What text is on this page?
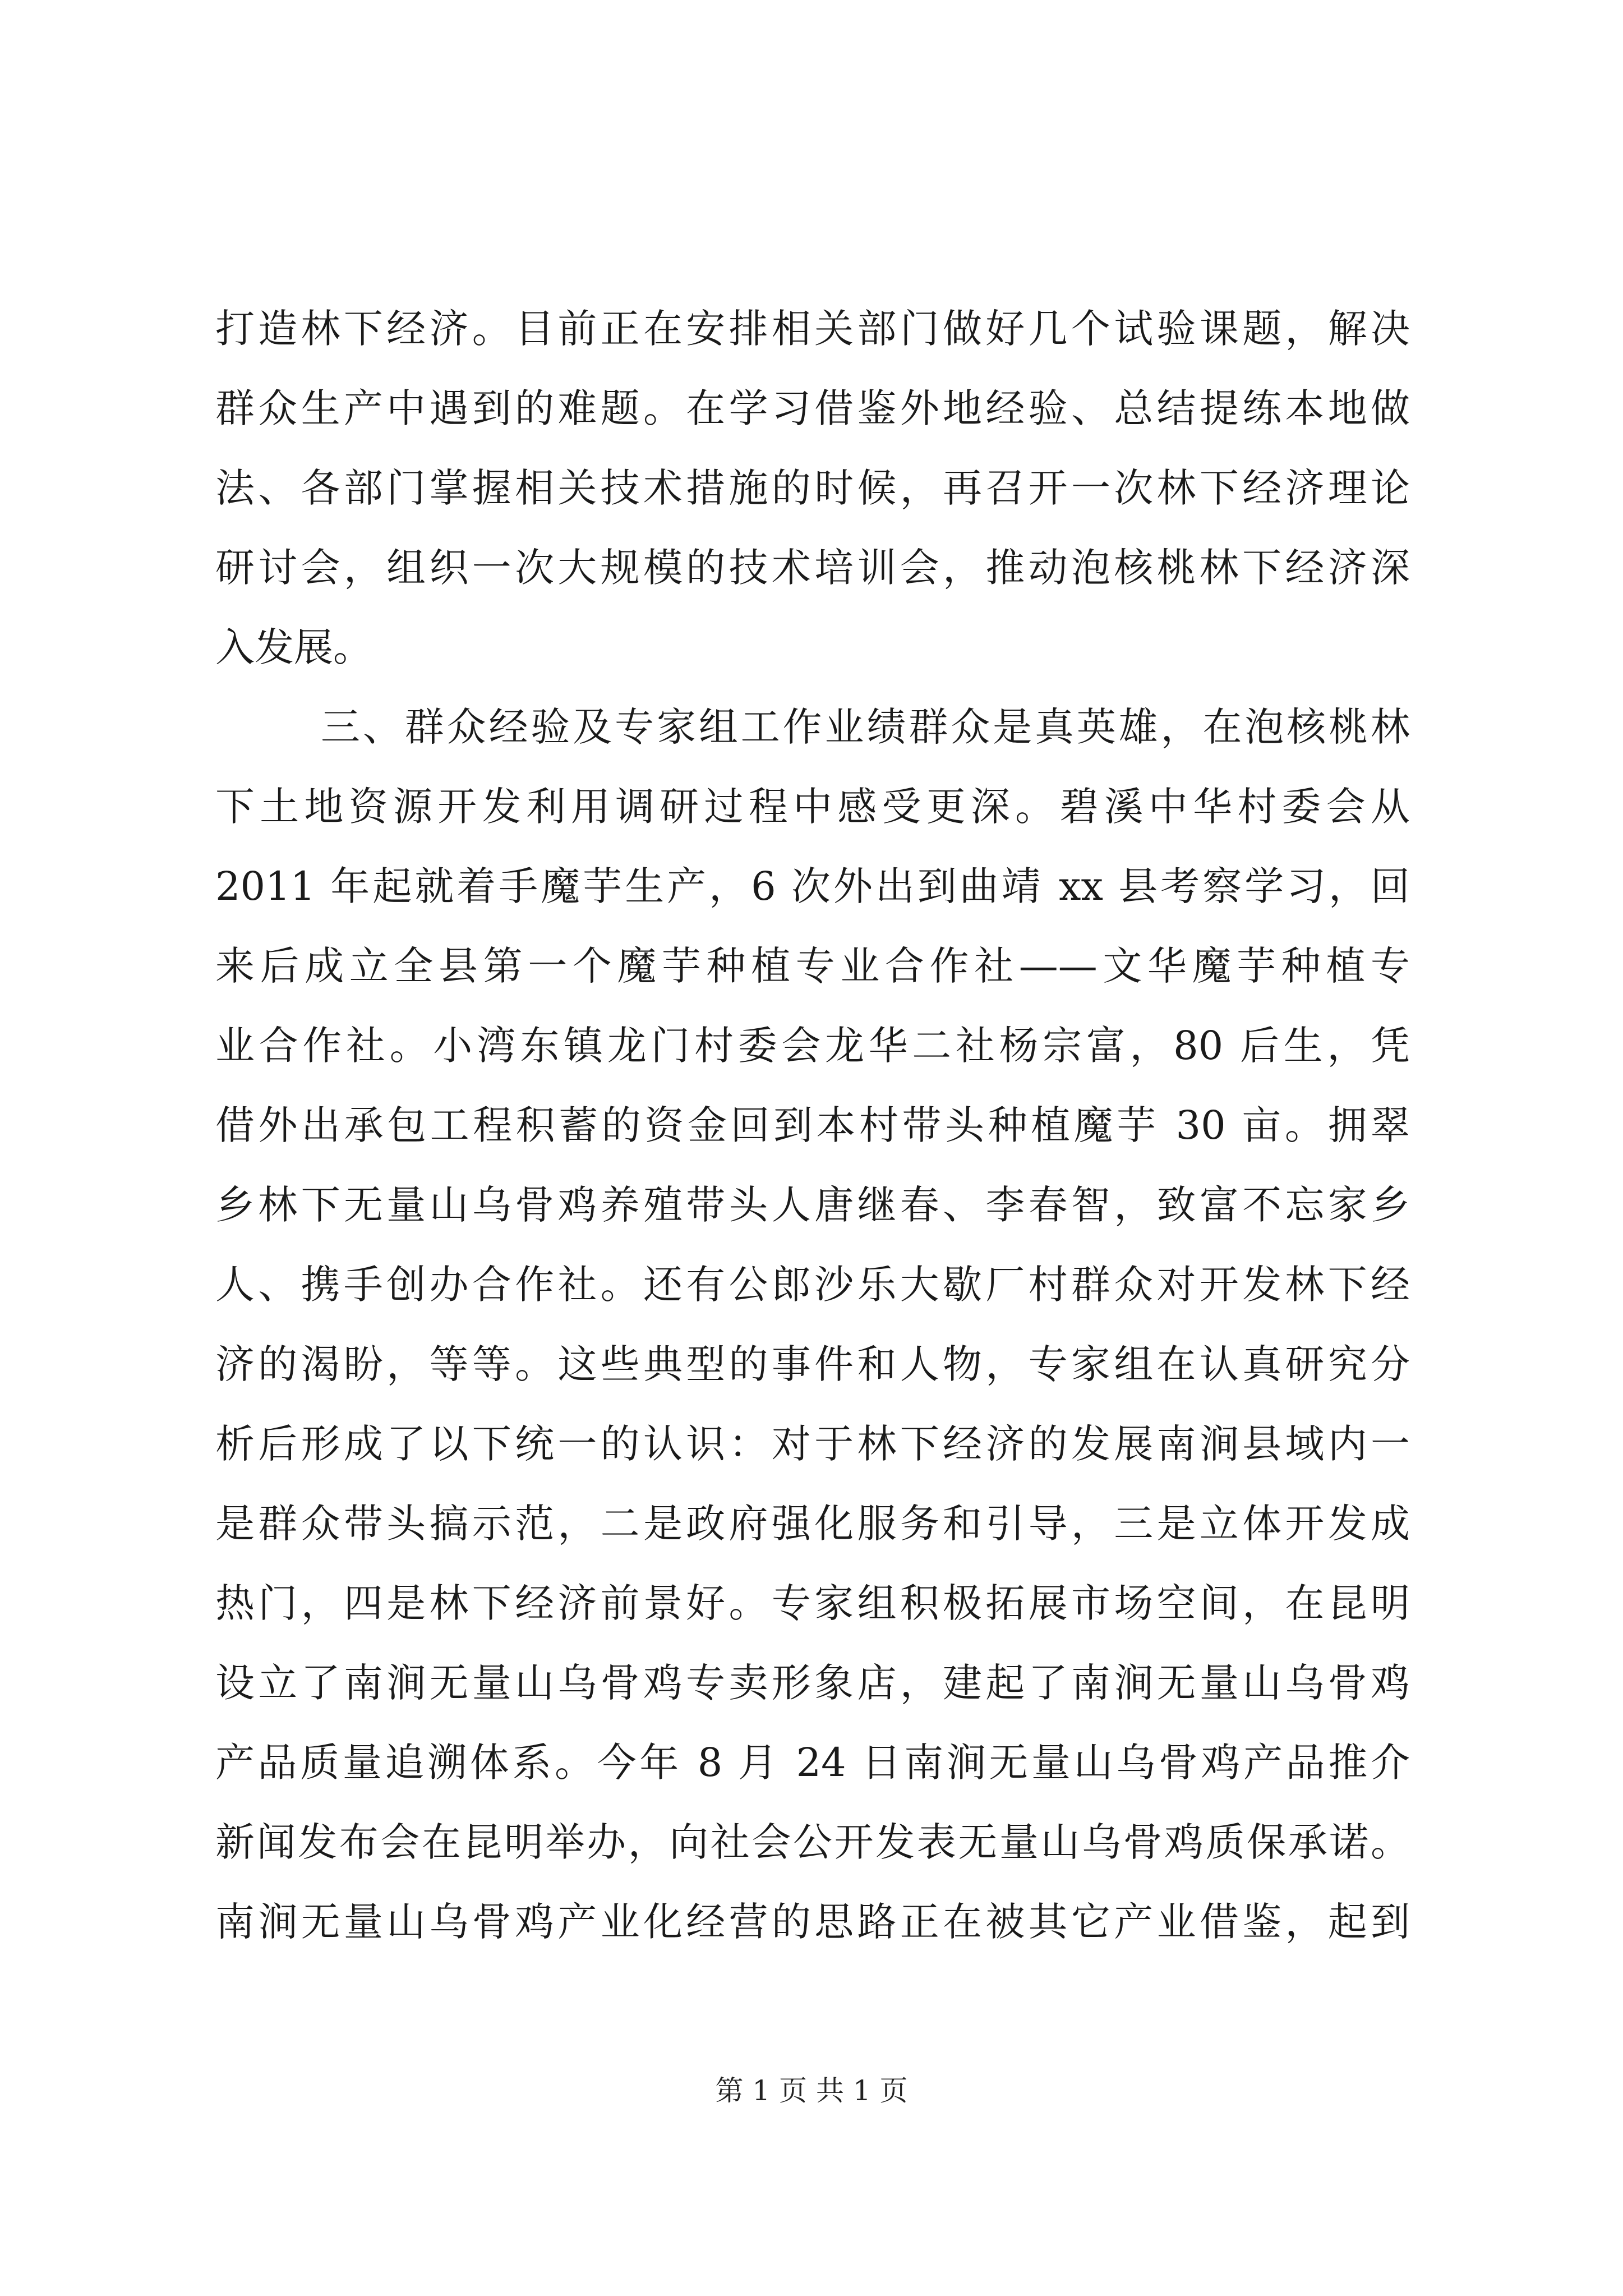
打造林下经济。目前正在安排相关部门做好几个试验课题，解决
群众生产中遇到的难题。在学习借鉴外地经验、总结提练本地做
法、各部门掌握相关技术措施的时候，再召开一次林下经济理论
研讨会，组织一次大规模的技术培训会，推动泡核桃林下经济深
入发展。
三、群众经验及专家组工作业绩群众是真英雄，在泡核桃林
下土地资源开发利用调研过程中感受更深。碧溪中华村委会从
2011 年起就着手魔芋生产，6 次外出到曲靖 xx 县考察学习，回
来后成立全县第一个魔芋种植专业合作社——文华魔芋种植专
业合作社。小湾东镇龙门村委会龙华二社杨宗富，80 后生，凭
借外出承包工程积蓄的资金回到本村带头种植魔芋 30 亩。拥翠
乡林下无量山乌骨鸡养殖带头人唐继春、李春智，致富不忘家乡
人、携手创办合作社。还有公郎沙乐大歇厂村群众对开发林下经
济的渴盼，等等。这些典型的事件和人物，专家组在认真研究分
析后形成了以下统一的认识：对于林下经济的发展南涧县域内一
是群众带头搞示范，二是政府强化服务和引导，三是立体开发成
热门，四是林下经济前景好。专家组积极拓展市场空间，在昆明
设立了南涧无量山乌骨鸡专卖形象店，建起了南涧无量山乌骨鸡
产品质量追溯体系。今年 8 月 24 日南涧无量山乌骨鸡产品推介
新闻发布会在昆明举办，向社会公开发表无量山乌骨鸡质保承诺。
南涧无量山乌骨鸡产业化经营的思路正在被其它产业借鉴，起到
第 1 页 共 1 页
